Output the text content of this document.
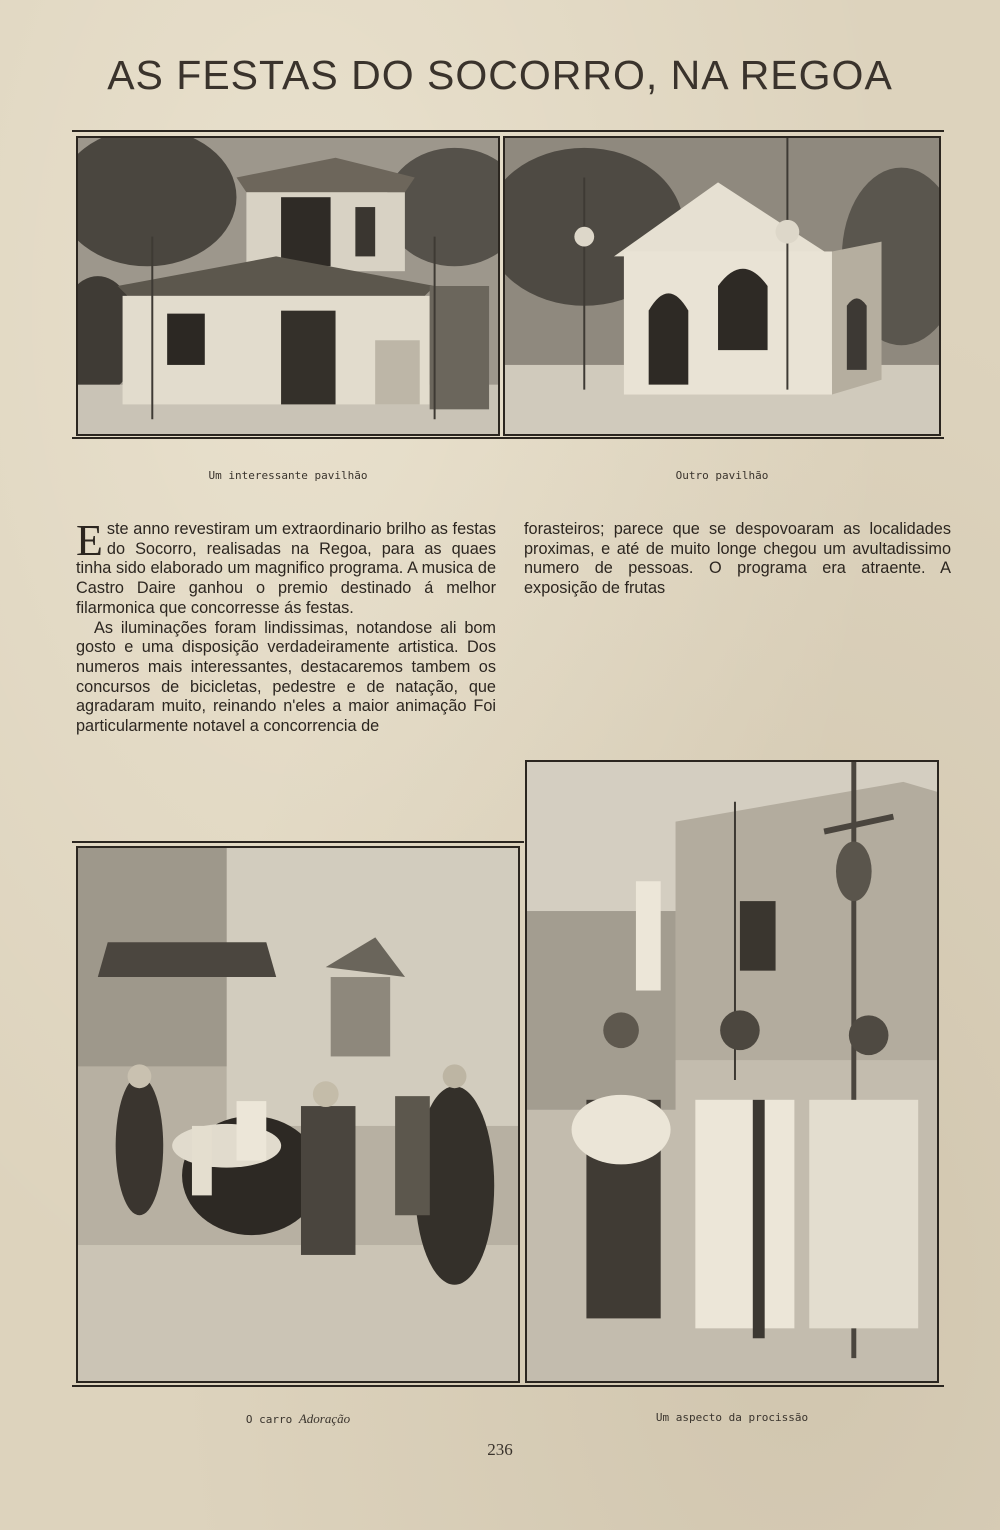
AS FESTAS DO SOCORRO, NA REGOA
Um interessante pavilhão	Outro pavilhão

Este anno revestiram um extraordinario brilho as festas do Socorro, realisadas na Regoa, para as quaes tinha sido elaborado um magnifico programa. A musica de Castro Daire ganhou o premio destinado á melhor filarmonica que concorresse ás festas.

As iluminações foram lindissimas, notandose ali bom gosto e uma disposição verdadeiramente artistica. Dos numeros mais interessantes, destacaremos tambem os concursos de bicicletas, pedestre e de natação, que agradaram muito, reinando n'eles a maior animação Foi particularmente notavel a concorrencia de

forasteiros; parece que se despovoaram as localidades proximas, e até de muito longe chegou um avultadissimo numero de pessoas. O programa era atraente. A exposição de frutas

O carro Adoração	Um aspecto da procissão
236
